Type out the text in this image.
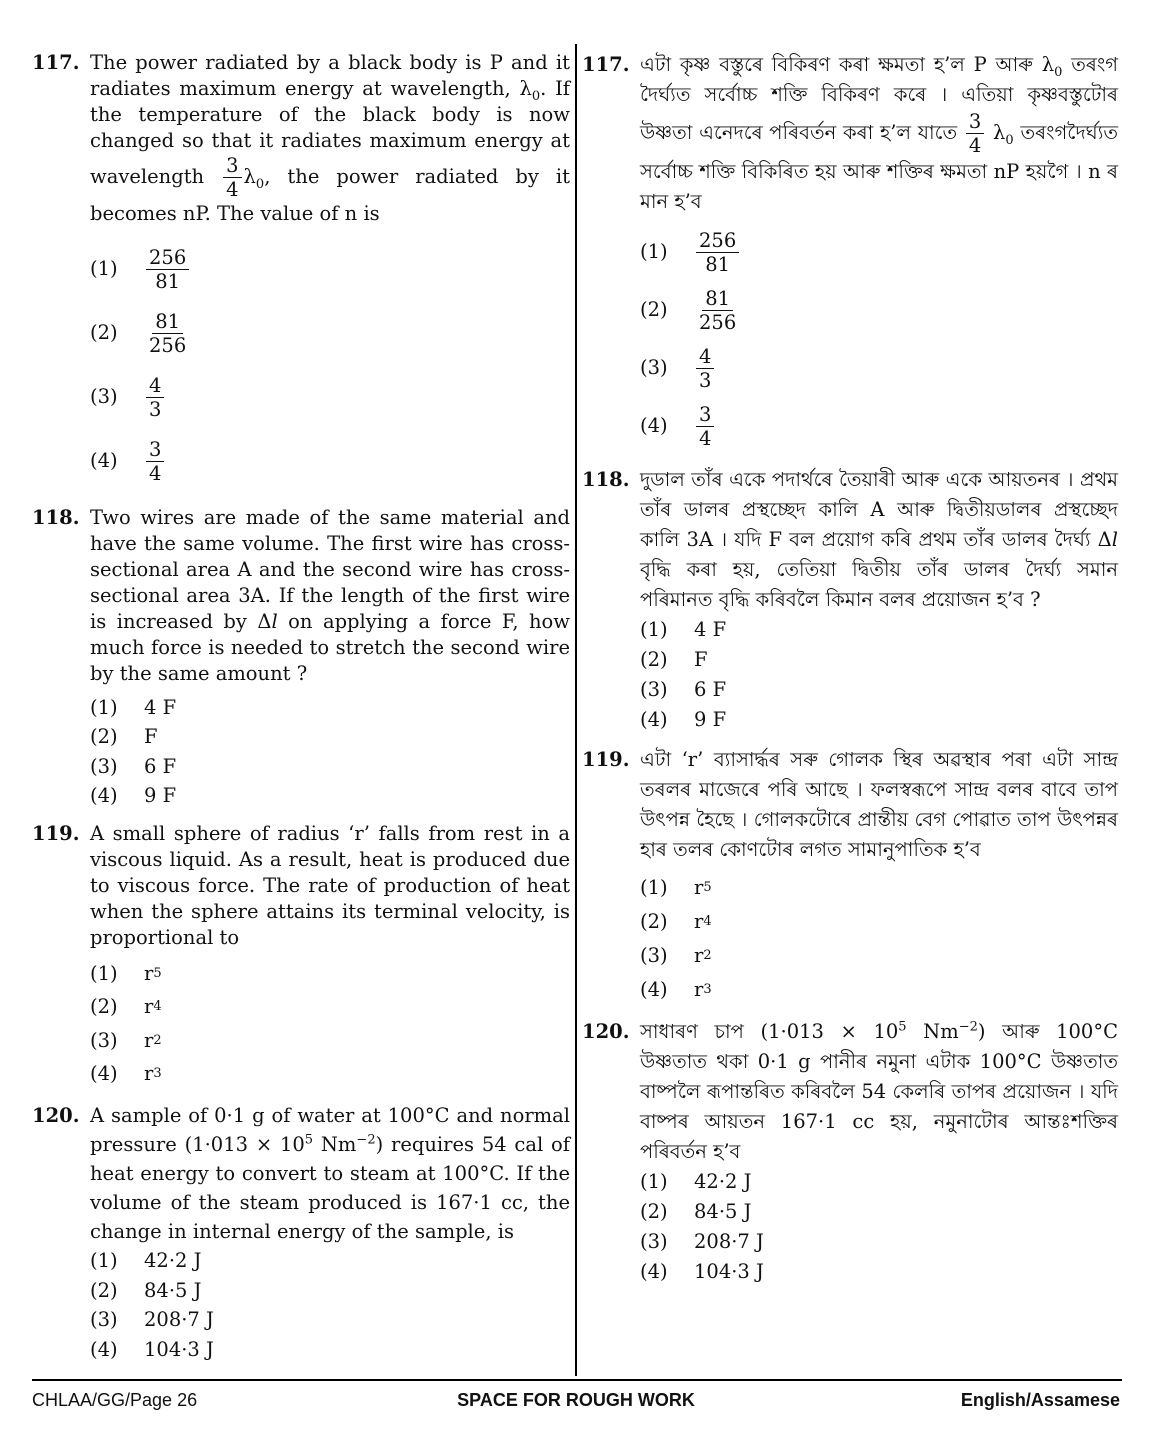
117. The power radiated by a black body is P and it radiates maximum energy at wavelength, $\lambda_0$. If the temperature of the black body is now changed so that it radiates maximum energy at wavelength $\frac{3}{4} \lambda_0$, the power radiated by it becomes nP. The value of n is
(1)	$\frac{256}{81}$
(2)	$\frac{81}{256}$
(3)	$\frac{4}{3}$
(4)	$\frac{3}{4}$
118. Two wires are made of the same material and have the same volume. The first wire has cross-sectional area A and the second wire has cross-sectional area 3A. If the length of the first wire is increased by Δl on applying a force F, how much force is needed to stretch the second wire by the same amount ?
(1)	4 F
(2)	F
(3)	6 F
(4)	9 F
119. A small sphere of radius ‘r’ falls from rest in a viscous liquid. As a result, heat is produced due to viscous force. The rate of production of heat when the sphere attains its terminal velocity, is proportional to
(1)	r 5
(2)	r 4
(3)	r 2
(4)	r 3
120. A sample of 0·1 g of water at 100°C and normal pressure ($1\cdot 013 \times 10^5$ $Nm^{-2}$) requires 54 cal of heat energy to convert to steam at 100°C. If the volume of the steam produced is 167·1 cc, the change in internal energy of the sample, is
(1)	42·2 J
(2)	84·5 J
(3)	208·7 J
(4)	104·3 J
117. এটা কৃষ্ণ বস্তুৰে বিকিৰণ কৰা ক্ষমতা হ’ল P আৰু $\lambda_0$ তৰংগ দৈৰ্ঘ্যত সৰ্বোচ্চ শক্তি বিকিৰণ কৰে । এতিয়া কৃষ্ণবস্তুটোৰ উষ্ণতা এনেদৰে পৰিবৰ্তন কৰা হ’ল যাতে $\frac{3}{4} \lambda_0$ তৰংগদৈৰ্ঘ্যত সৰ্বোচ্চ শক্তি বিকিৰিত হয় আৰু শক্তিৰ ক্ষমতা nP হয়গৈ । n ৰ মান হ’ব
(1)	$\frac{256}{81}$
(2)	$\frac{81}{256}$
(3)	$\frac{4}{3}$
(4)	$\frac{3}{4}$
118. দুডাল তাঁৰ একে পদাৰ্থৰে তৈয়াৰী আৰু একে আয়তনৰ । প্ৰথম তাঁৰ ডালৰ প্ৰস্থচ্ছেদ কালি A আৰু দ্বিতীয়ডালৰ প্ৰস্থচ্ছেদ কালি 3A । যদি F বল প্ৰয়োগ কৰি প্ৰথম তাঁৰ ডালৰ দৈৰ্ঘ্য Δl বৃদ্ধি কৰা হয়, তেতিয়া দ্বিতীয় তাঁৰ ডালৰ দৈৰ্ঘ্য সমান পৰিমানত বৃদ্ধি কৰিবলৈ কিমান বলৰ প্ৰয়োজন হ’ব ?
(1)	4 F
(2)	F
(3)	6 F
(4)	9 F
119. এটা ‘r’ ব্যাসাৰ্দ্ধৰ সৰু গোলক স্থিৰ অৱস্থাৰ পৰা এটা সান্দ্ৰ তৰলৰ মাজেৰে পৰি আছে । ফলস্বৰূপে সান্দ্ৰ বলৰ বাবে তাপ উৎপন্ন হৈছে । গোলকটোৰে প্ৰান্তীয় বেগ পোৱাত তাপ উৎপন্নৰ হাৰ তলৰ কোণটোৰ লগত সামানুপাতিক হ’ব
(1)	r 5
(2)	r 4
(3)	r 2
(4)	r 3
120. সাধাৰণ চাপ ($1\cdot 013 \times 10^5$ $Nm^{-2}$) আৰু 100°C উষ্ণতাত থকা 0·1 g পানীৰ নমুনা এটাক 100°C উষ্ণতাত বাষ্পলৈ ৰূপান্তৰিত কৰিবলৈ 54 কেলৰি তাপৰ প্ৰয়োজন । যদি বাষ্পৰ আয়তন 167·1 cc হয়, নমুনাটোৰ আন্তঃশক্তিৰ পৰিবৰ্তন হ’ব
(1)	42·2 J
(2)	84·5 J
(3)	208·7 J
(4)	104·3 J
CHLAA/GG/Page 26	SPACE FOR ROUGH WORK	English/Assamese
